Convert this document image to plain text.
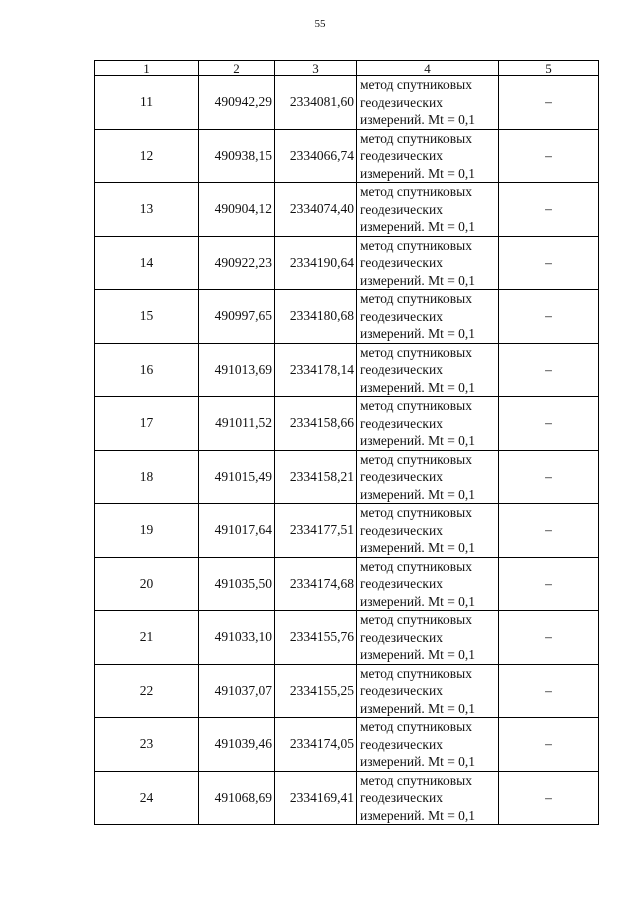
55
1	2	3	4	5
11	490942,29	2334081,60	метод спутниковых
геодезических
измерений. Mt = 0,1	–
12	490938,15	2334066,74	метод спутниковых
геодезических
измерений. Mt = 0,1	–
13	490904,12	2334074,40	метод спутниковых
геодезических
измерений. Mt = 0,1	–
14	490922,23	2334190,64	метод спутниковых
геодезических
измерений. Mt = 0,1	–
15	490997,65	2334180,68	метод спутниковых
геодезических
измерений. Mt = 0,1	–
16	491013,69	2334178,14	метод спутниковых
геодезических
измерений. Mt = 0,1	–
17	491011,52	2334158,66	метод спутниковых
геодезических
измерений. Mt = 0,1	–
18	491015,49	2334158,21	метод спутниковых
геодезических
измерений. Mt = 0,1	–
19	491017,64	2334177,51	метод спутниковых
геодезических
измерений. Mt = 0,1	–
20	491035,50	2334174,68	метод спутниковых
геодезических
измерений. Mt = 0,1	–
21	491033,10	2334155,76	метод спутниковых
геодезических
измерений. Mt = 0,1	–
22	491037,07	2334155,25	метод спутниковых
геодезических
измерений. Mt = 0,1	–
23	491039,46	2334174,05	метод спутниковых
геодезических
измерений. Mt = 0,1	–
24	491068,69	2334169,41	метод спутниковых
геодезических
измерений. Mt = 0,1	–
